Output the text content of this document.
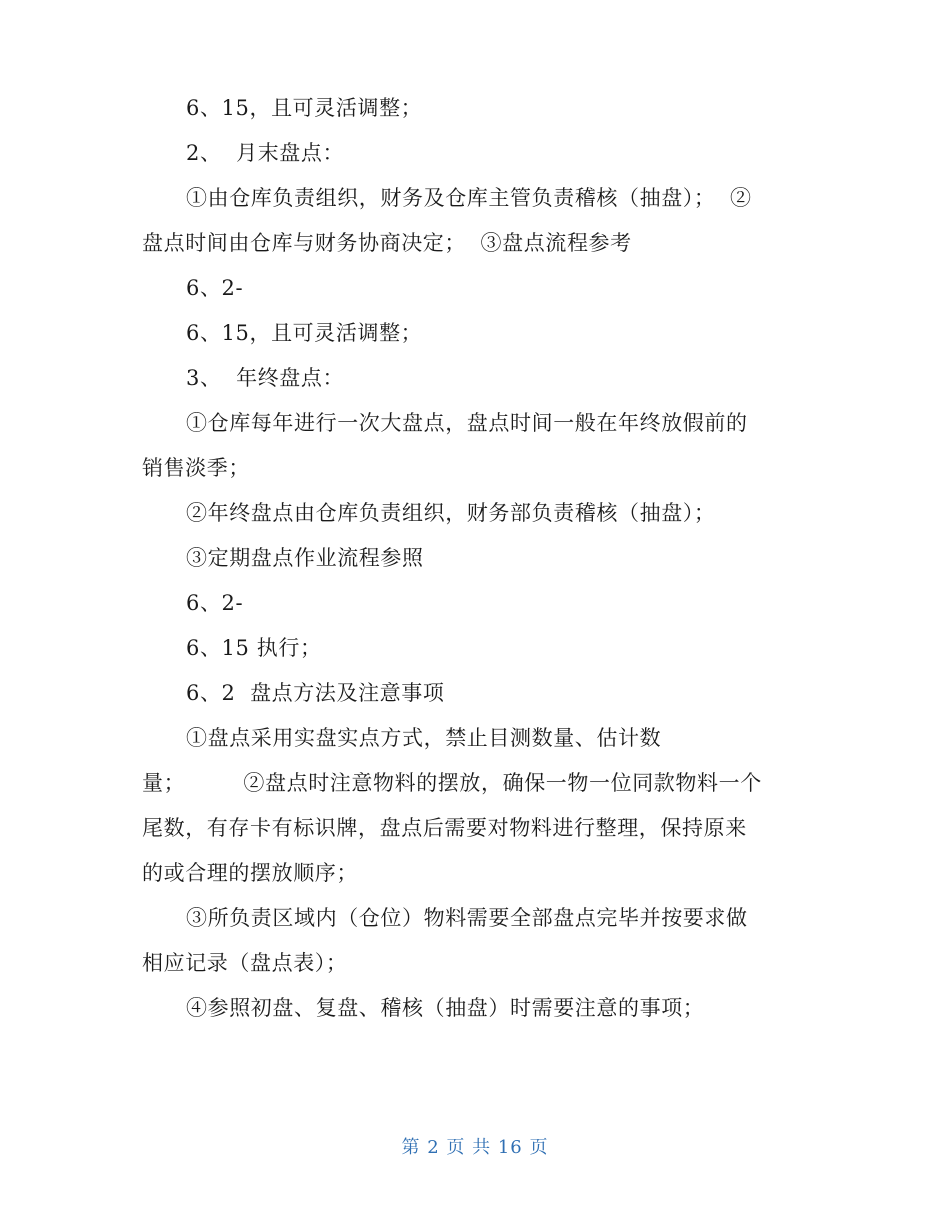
6、15，且可灵活调整；
2、  月末盘点：
①由仓库负责组织，财务及仓库主管负责稽核（抽盘）；  ②
盘点时间由仓库与财务协商决定；  ③盘点流程参考
6、2-
6、15，且可灵活调整；
3、  年终盘点：
①仓库每年进行一次大盘点，盘点时间一般在年终放假前的
销售淡季；
②年终盘点由仓库负责组织，财务部负责稽核（抽盘）；
③定期盘点作业流程参照
6、2-
6、15 执行；
6、2  盘点方法及注意事项
①盘点采用实盘实点方式，禁止目测数量、估计数
量；        ②盘点时注意物料的摆放，确保一物一位同款物料一个
尾数，有存卡有标识牌，盘点后需要对物料进行整理，保持原来
的或合理的摆放顺序；
③所负责区域内（仓位）物料需要全部盘点完毕并按要求做
相应记录（盘点表）；
④参照初盘、复盘、稽核（抽盘）时需要注意的事项；
第 2 页 共 16 页
